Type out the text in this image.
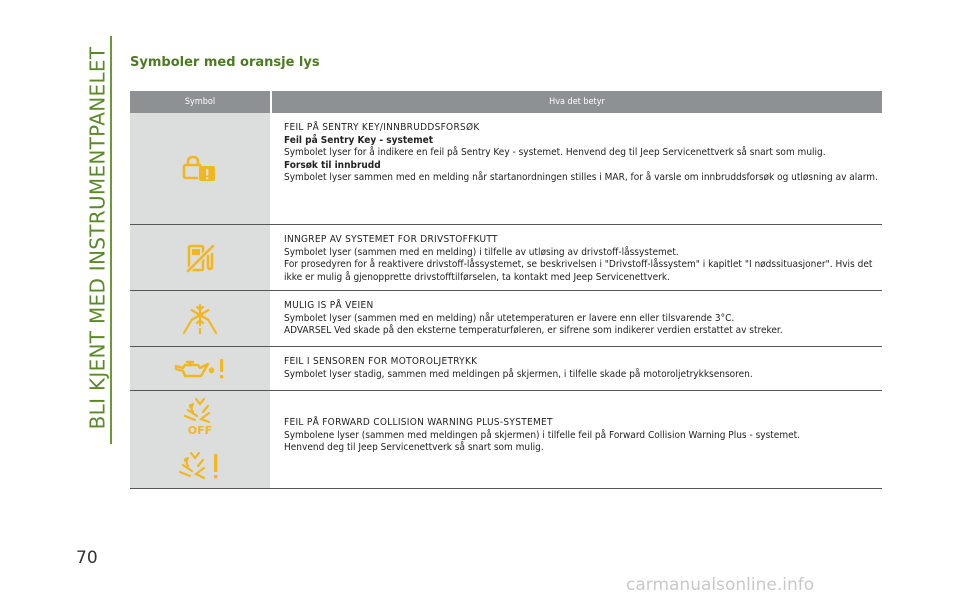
BLI KJENT MED INSTRUMENTPANELET
70
Symboler med oransje lys
Symbol	Hva det betyr

FEIL PÅ SENTRY KEY/INNBRUDDSFORSØK

Feil på Sentry Key - systemet

Symbolet lyser for å indikere en feil på Sentry Key - systemet. Henvend deg til Jeep Servicenettverk så snart som mulig.

Forsøk til innbrudd

Symbolet lyser sammen med en melding når startanordningen stilles i MAR, for å varsle om innbruddsforsøk og utløsning av alarm.

INNGREP AV SYSTEMET FOR DRIVSTOFFKUTT

Symbolet lyser (sammen med en melding) i tilfelle av utløsing av drivstoff-låssystemet.

For prosedyren for å reaktivere drivstoff-låssystemet, se beskrivelsen i "Drivstoff-låssystem" i kapitlet "I nødssituasjoner". Hvis det ikke er mulig å gjenopprette drivstofftilførselen, ta kontakt med Jeep Servicenettverk.

MULIG IS PÅ VEIEN

Symbolet lyser (sammen med en melding) når utetemperaturen er lavere enn eller tilsvarende 3°C.

ADVARSEL Ved skade på den eksterne temperaturføleren, er sifrene som indikerer verdien erstattet av streker.

FEIL I SENSOREN FOR MOTOROLJETRYKK

Symbolet lyser stadig, sammen med meldingen på skjermen, i tilfelle skade på motoroljetrykksensoren.

OFF

FEIL PÅ FORWARD COLLISION WARNING PLUS-SYSTEMET

Symbolene lyser (sammen med meldingen på skjermen) i tilfelle feil på Forward Collision Warning Plus - systemet.

Henvend deg til Jeep Servicenettverk så snart som mulig.

carmanualsonline.info
